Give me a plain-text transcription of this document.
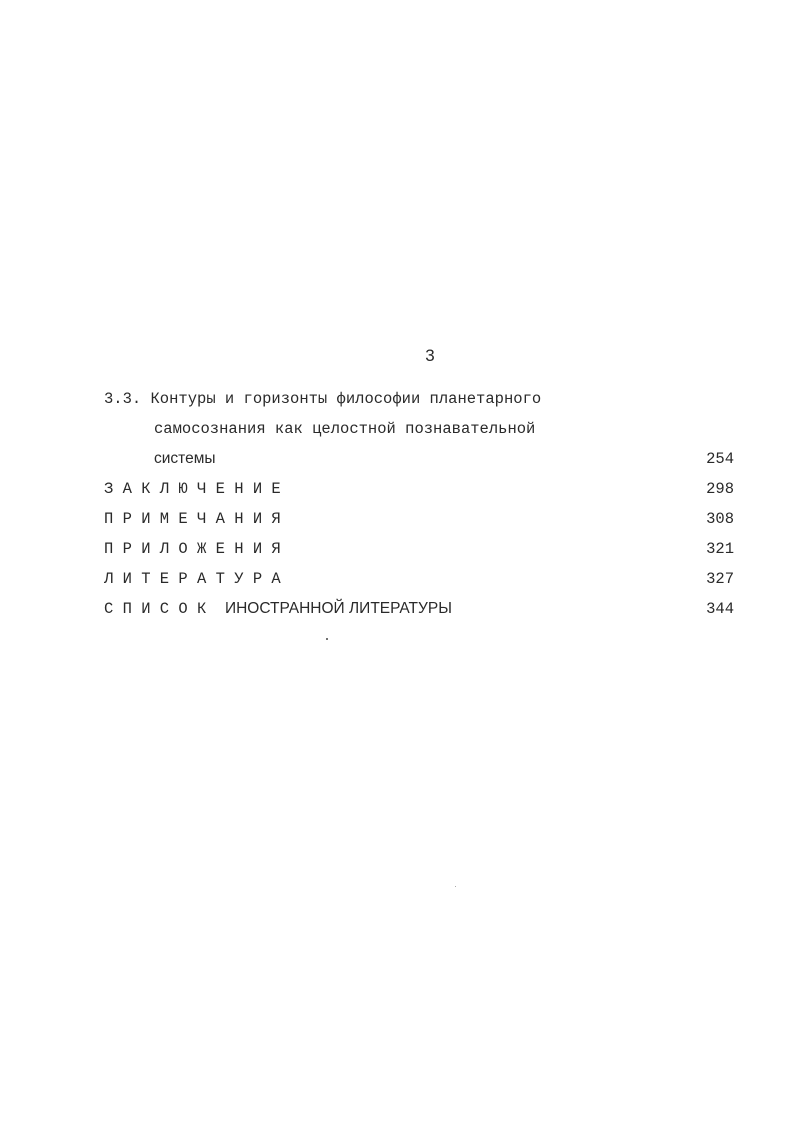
3
3.3. Контуры и горизонты философии планетарного
самосознания как целостной познавательной
системы	254
З А К Л Ю Ч Е Н И Е	298
П Р И М Е Ч А Н И Я	308
П Р И Л О Ж Е Н И Я	321
Л И Т Е Р А Т У Р А	327
С П И С О К ИНОСТРАННОЙ ЛИТЕРАТУРЫ	344
